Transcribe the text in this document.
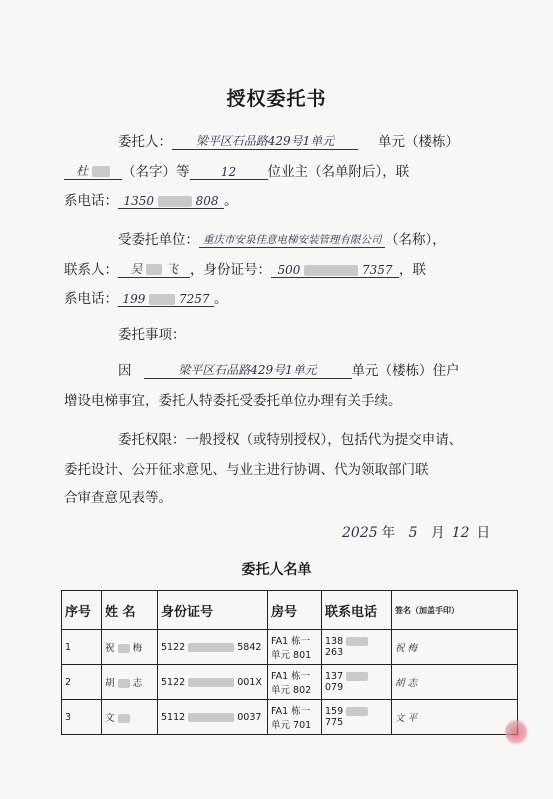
授权委托书
委托人： 梁平区石品路429号1单元	单元（楼栋）
杜	（名字）等	12 位业主（名单附后），联
系电话： 1350	808 。
受委托单位： 重庆市安泉佳意电梯安装管理有限公司 （名称），
联系人： 吴 飞 ，身份证号： 500	7357 ，联
系电话： 199	7257 。
委托事项：
因	梁平区石品路429号1单元	单元（楼栋）住户
增设电梯事宜，委托人特委托受委托单位办理有关手续。
委托权限：一般授权（或特别授权），包括代为提交申请、
委托设计、公开征求意见、与业主进行协调、代为领取部门联
合审查意见表等。
2025 年 5 月 12 日
委托人名单
序号	姓 名	身份证号	房号	联系电话	签名（加盖手印）
1	祝 梅	5122 5842	FA1 栋一
单元 801	138  263	祝 梅
2	胡 志	5122 001X	FA1 栋一
单元 802	137  079	胡 志
3	文	5112 0037	FA1 栋一
单元 701	159  775	文 平
